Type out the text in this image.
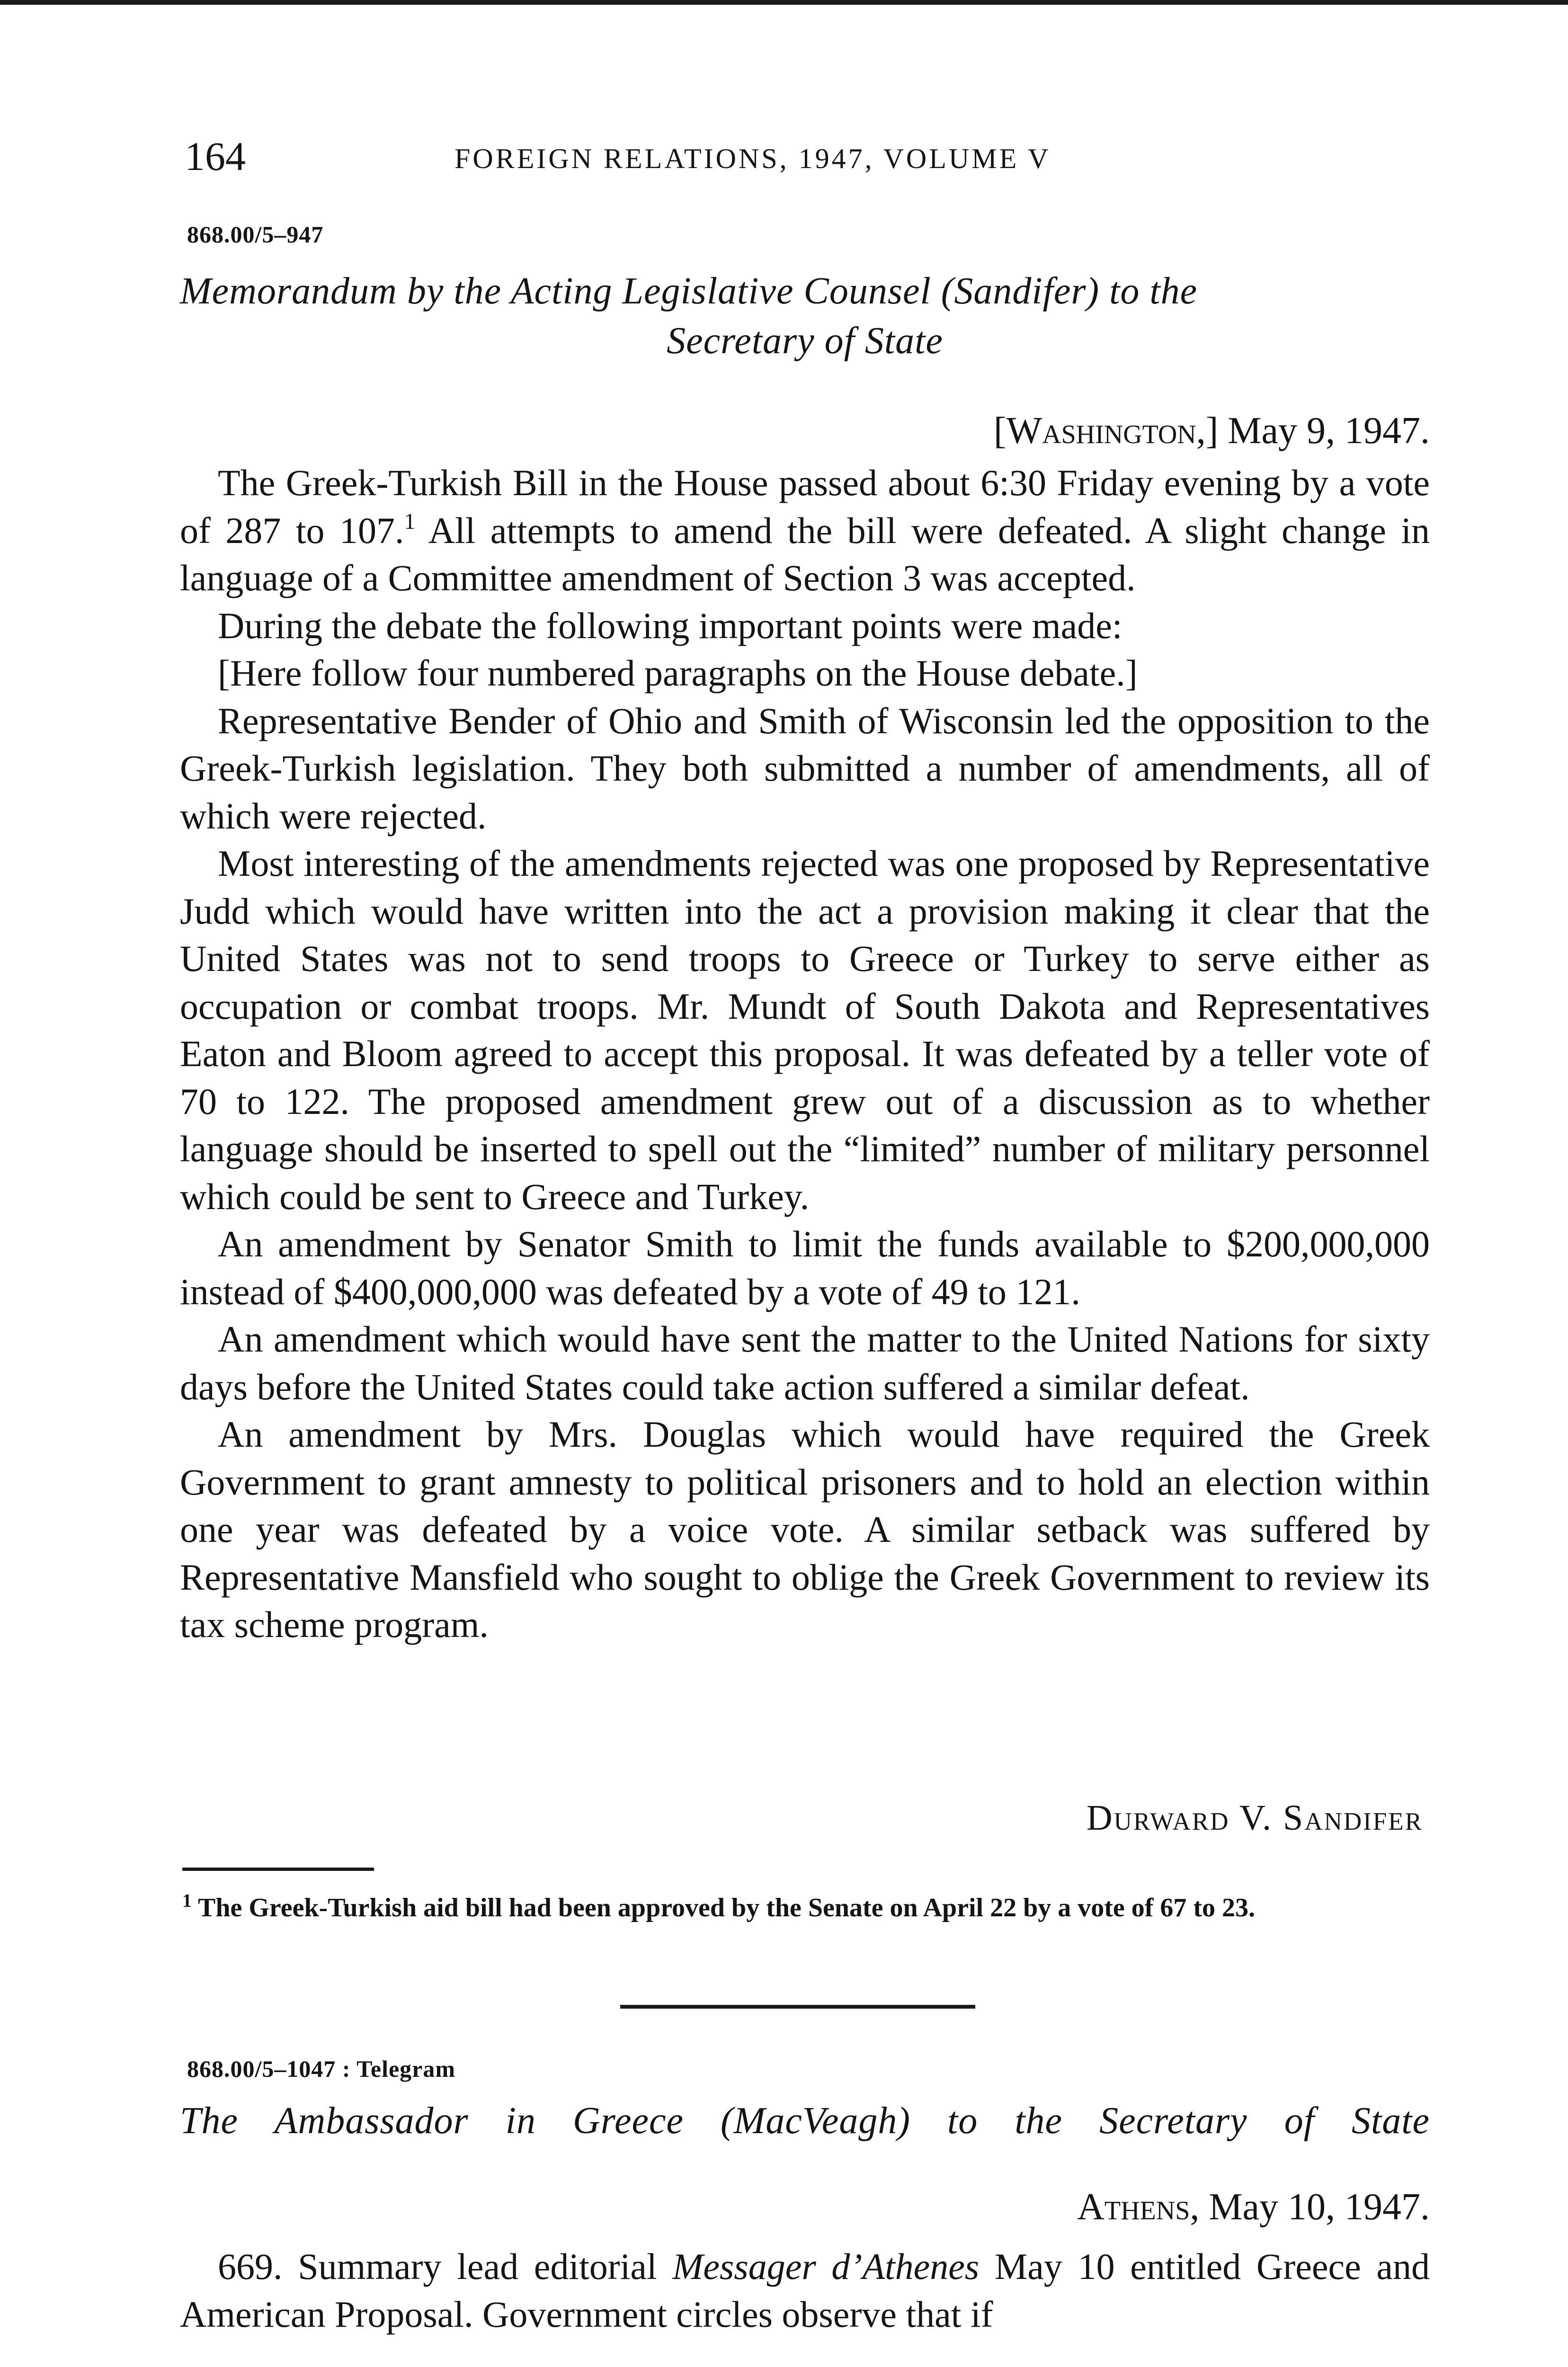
164	FOREIGN RELATIONS, 1947, VOLUME V
868.00/5–947
Memorandum by the Acting Legislative Counsel (Sandifer) to the
Secretary of State
[Washington,] May 9, 1947.

The Greek-Turkish Bill in the House passed about 6:30 Friday evening by a vote of 287 to 107.$^1$ All attempts to amend the bill were defeated. A slight change in language of a Committee amendment of Section 3 was accepted.

During the debate the following important points were made:

[Here follow four numbered paragraphs on the House debate.]

Representative Bender of Ohio and Smith of Wisconsin led the opposition to the Greek-Turkish legislation. They both submitted a number of amendments, all of which were rejected.

Most interesting of the amendments rejected was one proposed by Representative Judd which would have written into the act a provision making it clear that the United States was not to send troops to Greece or Turkey to serve either as occupation or combat troops. Mr. Mundt of South Dakota and Representatives Eaton and Bloom agreed to accept this proposal. It was defeated by a teller vote of 70 to 122. The proposed amendment grew out of a discussion as to whether language should be inserted to spell out the “limited” number of military personnel which could be sent to Greece and Turkey.

An amendment by Senator Smith to limit the funds available to $200,000,000 instead of $400,000,000 was defeated by a vote of 49 to 121.

An amendment which would have sent the matter to the United Nations for sixty days before the United States could take action suffered a similar defeat.

An amendment by Mrs. Douglas which would have required the Greek Government to grant amnesty to political prisoners and to hold an election within one year was defeated by a voice vote. A similar setback was suffered by Representative Mansfield who sought to oblige the Greek Government to review its tax scheme program.

Durward V. Sandifer
$^1$ The Greek-Turkish aid bill had been approved by the Senate on April 22 by a vote of 67 to 23.
868.00/5–1047 : Telegram
The Ambassador in Greece (MacVeagh) to the Secretary of State
Athens, May 10, 1947.

669. Summary lead editorial Messager d’Athenes May 10 entitled Greece and American Proposal. Government circles observe that if
